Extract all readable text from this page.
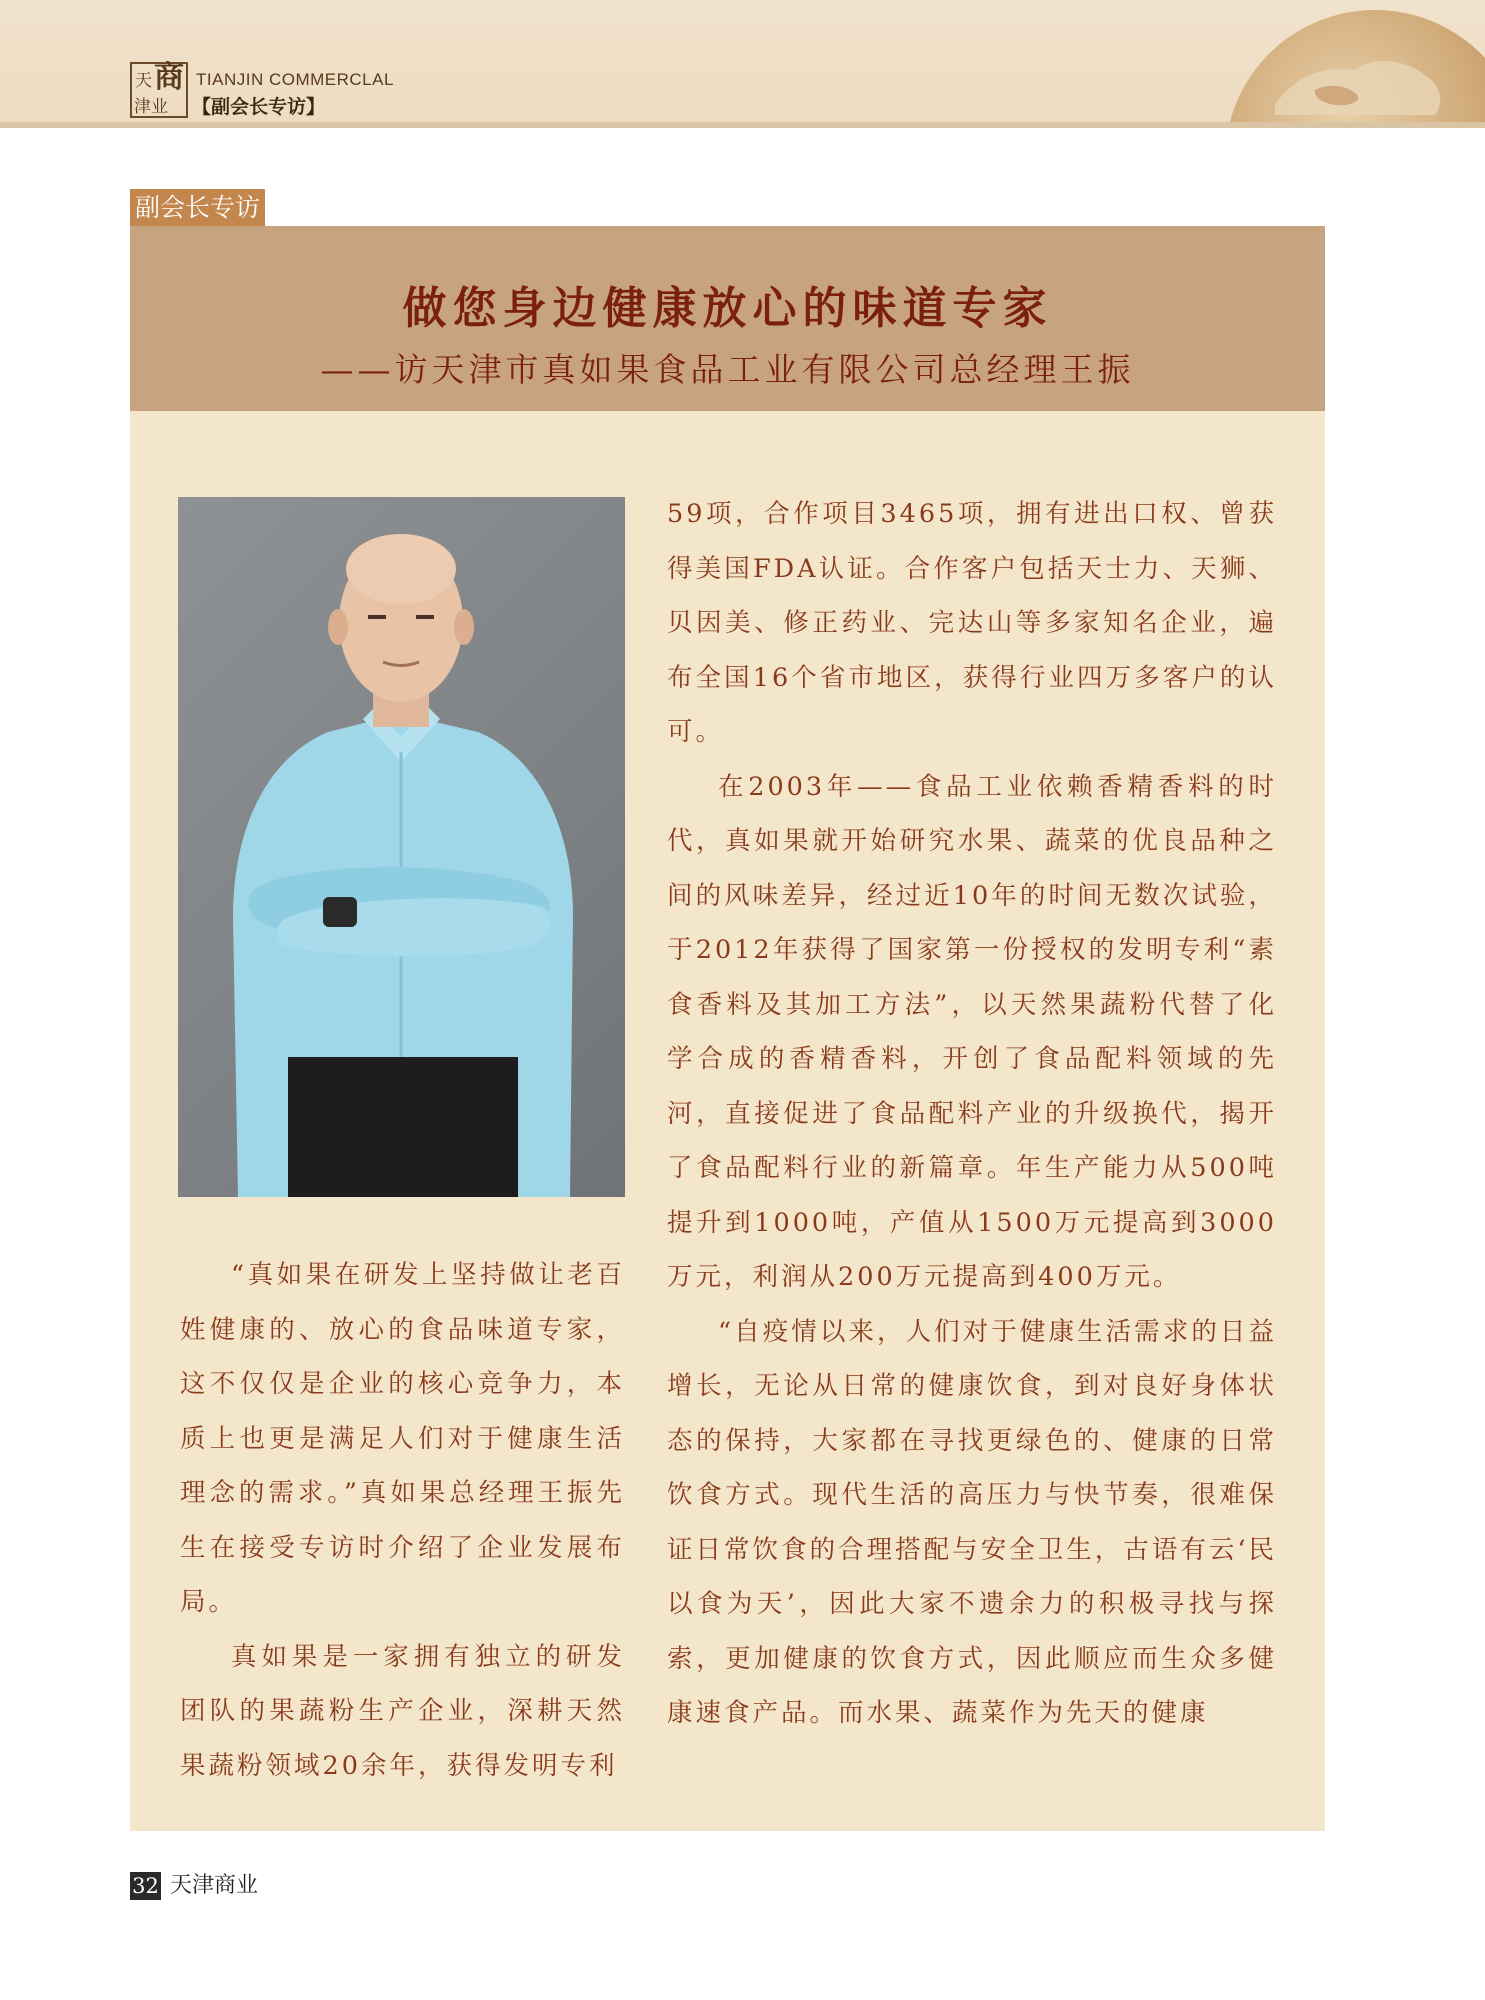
天 商
津业
TIANJIN COMMERCLAL
【副会长专访】
副会长专访
做您身边健康放心的味道专家
——访天津市真如果食品工业有限公司总经理王振

“真如果在研发上坚持做让老百姓健康的、放心的食品味道专家，这不仅仅是企业的核心竞争力，本质上也更是满足人们对于健康生活理念的需求。”真如果总经理王振先生在接受专访时介绍了企业发展布局。

真如果是一家拥有独立的研发团队的果蔬粉生产企业，深耕天然果蔬粉领域20余年，获得发明专利

59项，合作项目3465项，拥有进出口权、曾获得美国FDA认证。合作客户包括天士力、天狮、贝因美、修正药业、完达山等多家知名企业，遍布全国16个省市地区，获得行业四万多客户的认可。

在2003年——食品工业依赖香精香料的时代，真如果就开始研究水果、蔬菜的优良品种之间的风味差异，经过近10年的时间无数次试验，于2012年获得了国家第一份授权的发明专利“素食香料及其加工方法”，以天然果蔬粉代替了化学合成的香精香料，开创了食品配料领域的先河，直接促进了食品配料产业的升级换代，揭开了食品配料行业的新篇章。年生产能力从500吨提升到1000吨，产值从1500万元提高到3000万元，利润从200万元提高到400万元。

“自疫情以来，人们对于健康生活需求的日益增长，无论从日常的健康饮食，到对良好身体状态的保持，大家都在寻找更绿色的、健康的日常饮食方式。现代生活的高压力与快节奏，很难保证日常饮食的合理搭配与安全卫生，古语有云‘民以食为天’，因此大家不遗余力的积极寻找与探索，更加健康的饮食方式，因此顺应而生众多健康速食产品。而水果、蔬菜作为先天的健康

32 天津商业
